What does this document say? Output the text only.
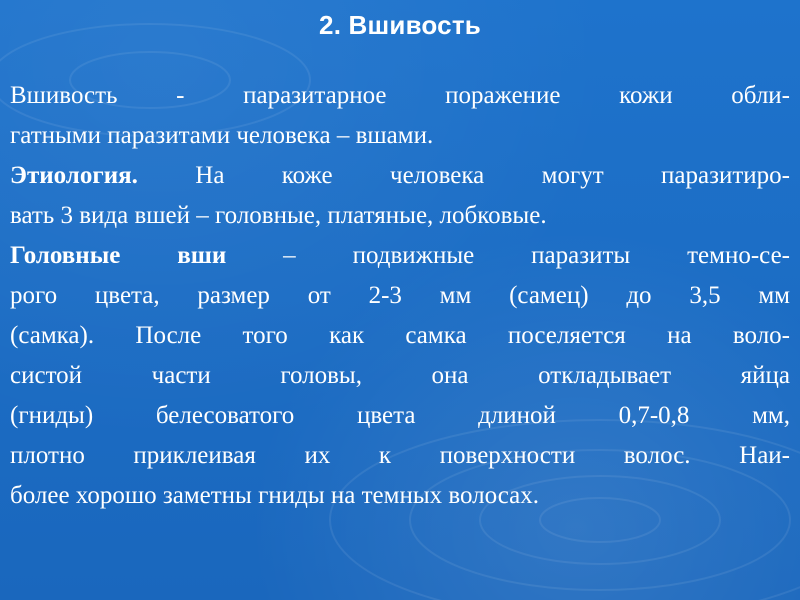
2. Вшивость
Вшивость - паразитарное поражение кожи обли-
гатными паразитами человека – вшами.
Этиология. На коже человека могут паразитиро-
вать 3 вида вшей – головные, платяные, лобковые.
Головные вши – подвижные паразиты темно-се-
рого цвета, размер от 2-3 мм (самец) до 3,5 мм
(самка). После того как самка поселяется на воло-
систой части головы, она откладывает яйца
(гниды) белесоватого цвета длиной 0,7-0,8 мм,
плотно приклеивая их к поверхности волос. Наи-
более хорошо заметны гниды на темных волосах.
